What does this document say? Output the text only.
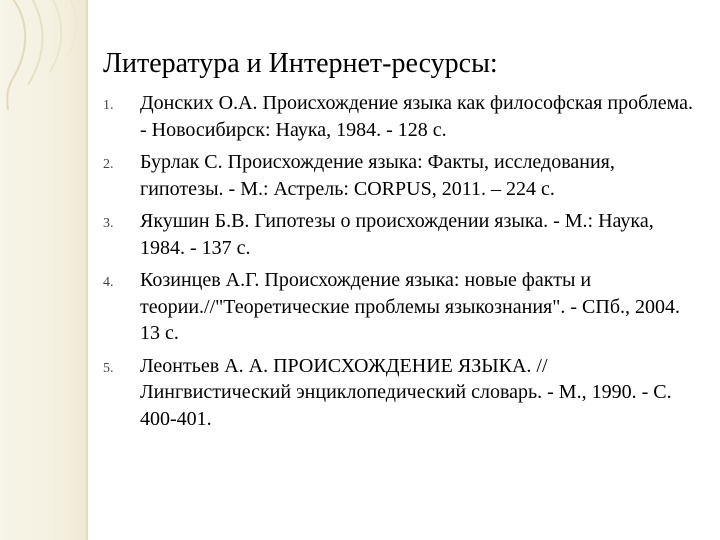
Литература и Интернет-ресурсы:
1. Донских О.А. Происхождение языка как философская проблема. - Новосибирск: Наука, 1984. - 128 с.
2. Бурлак С. Происхождение языка: Факты, исследования, гипотезы. - М.: Астрель: CORPUS, 2011. – 224 с.
3. Якушин Б.В. Гипотезы о происхождении языка. - М.: Наука, 1984. - 137 с.
4. Козинцев А.Г. Происхождение языка: новые факты и теории.//"Теоретические проблемы языкознания". - СПб., 2004. 13 с.
5. Леонтьев А. А. ПРОИСХОЖДЕНИЕ ЯЗЫКА. // Лингвистический энциклопедический словарь. - М., 1990. - С. 400-401.
